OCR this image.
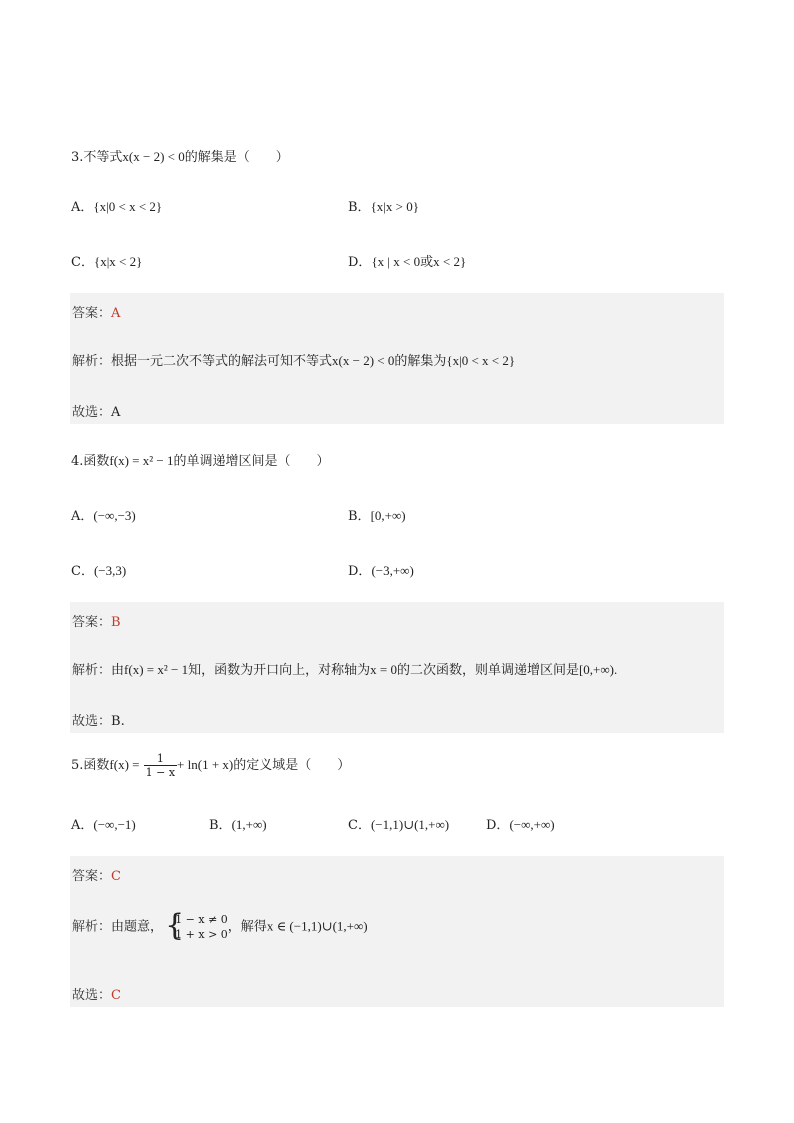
3.不等式x(x − 2) < 0的解集是（　　）
A．{x|0 < x < 2}	B．{x|x > 0}
C．{x|x < 2}	D．{x | x < 0或x < 2}
答案：A
解析：根据一元二次不等式的解法可知不等式x(x − 2) < 0的解集为{x|0 < x < 2}
故选：A
4.函数f(x) = x² − 1的单调递增区间是（　　）
A．(−∞,−3)	B．[0,+∞)
C．(−3,3)	D．(−3,+∞)
答案：B
解析：由f(x) = x² − 1知，函数为开口向上，对称轴为x = 0的二次函数，则单调递增区间是[0,+∞).
故选：B.
5.函数$f(x) = \frac{1}{1 - x} + \ln(1 + x)$的定义域是（　　）
A．(−∞,−1)	B．(1,+∞)	C．(−1,1)∪(1,+∞)	D．(−∞,+∞)
答案：C
解析：由题意，
{ 1 − x ≠ 0
1 + x > 0 ，解得x ∈ (−1,1)∪(1,+∞)
故选：C
